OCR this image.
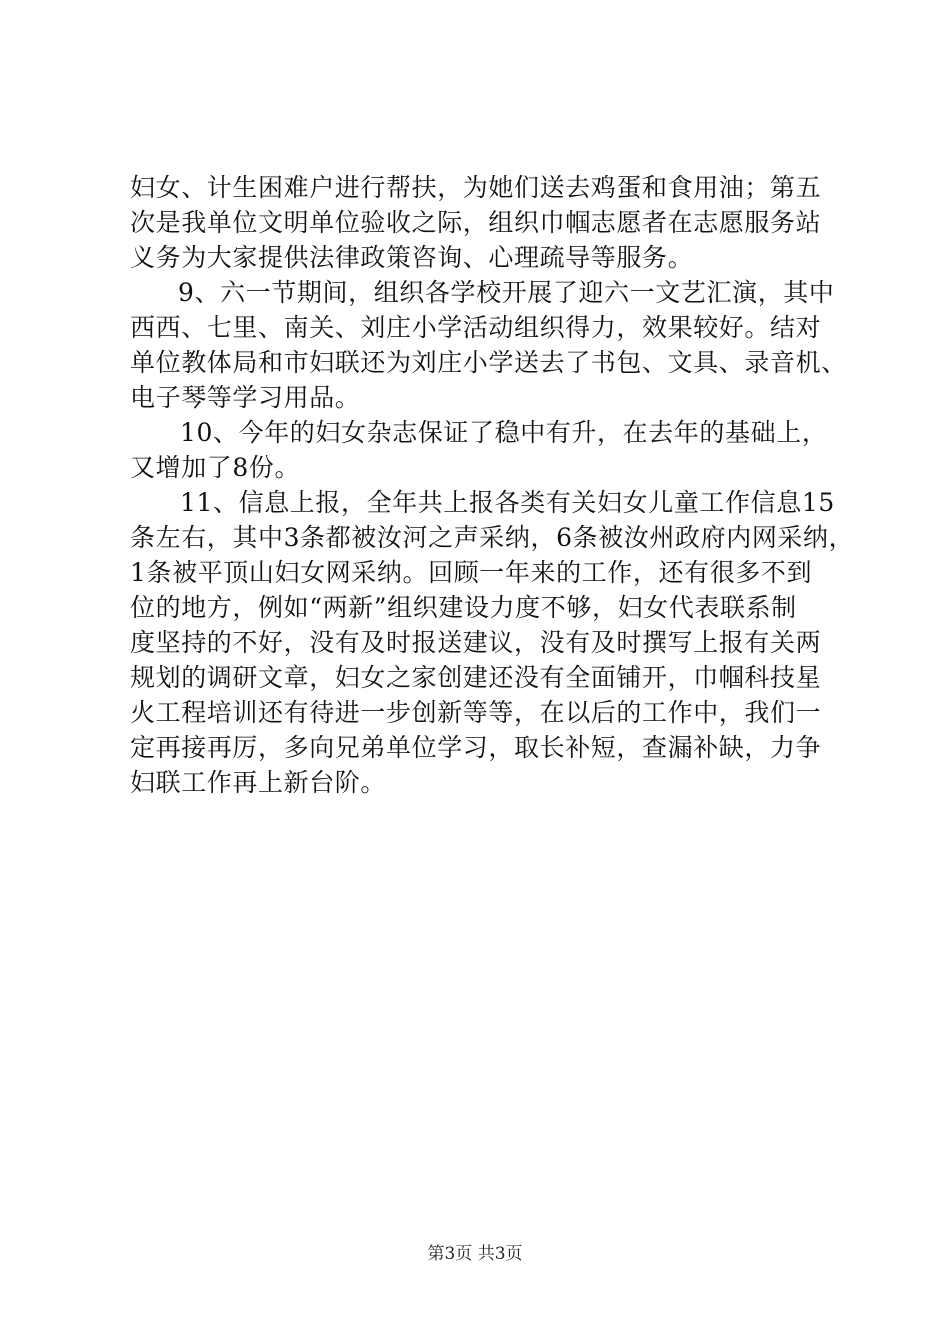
妇女、计生困难户进行帮扶，为她们送去鸡蛋和食用油；第五
次是我单位文明单位验收之际，组织巾帼志愿者在志愿服务站
义务为大家提供法律政策咨询、心理疏导等服务。
9、六一节期间，组织各学校开展了迎六一文艺汇演，其中
西西、七里、南关、刘庄小学活动组织得力，效果较好。结对
单位教体局和市妇联还为刘庄小学送去了书包、文具、录音机、
电子琴等学习用品。
10、今年的妇女杂志保证了稳中有升，在去年的基础上，
又增加了8份。
11、信息上报，全年共上报各类有关妇女儿童工作信息15
条左右，其中3条都被汝河之声采纳，6条被汝州政府内网采纳，
1条被平顶山妇女网采纳。回顾一年来的工作，还有很多不到
位的地方，例如“两新”组织建设力度不够，妇女代表联系制
度坚持的不好，没有及时报送建议，没有及时撰写上报有关两
规划的调研文章，妇女之家创建还没有全面铺开，巾帼科技星
火工程培训还有待进一步创新等等，在以后的工作中，我们一
定再接再厉，多向兄弟单位学习，取长补短，查漏补缺，力争
妇联工作再上新台阶。
第3页 共3页
